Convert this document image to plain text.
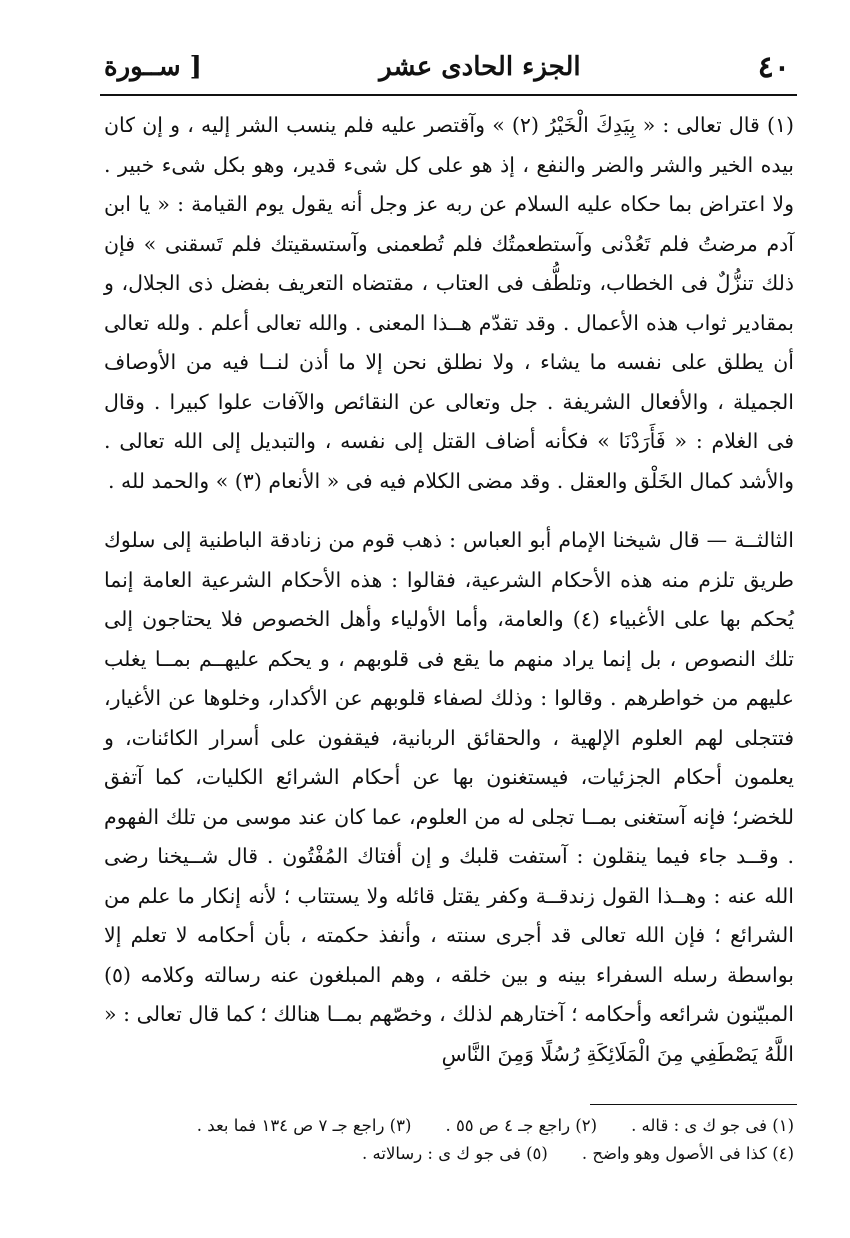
٤٠
الجزء الحادى عشر
[ ســورة

(١) قال تعالى : « بِيَدِكَ الْخَيْرُ (٢) » وآقتصر عليه فلم ينسب الشر إليه ، و إن كان بيده الخير والشر والضر والنفع ، إذ هو على كل شىء قدير، وهو بكل شىء خبير . ولا اعتراض بما حكاه عليه السلام عن ربه عز وجل أنه يقول يوم القيامة : « يا ابن آدم مرضتُ فلم تَعُدْنى وآستطعمتُك فلم تُطعمنى وآستسقيتك فلم تَسقنى » فإن ذلك تنزُّلٌ فى الخطاب، وتلطُّف فى العتاب ، مقتضاه التعريف بفضل ذى الجلال، و بمقادير ثواب هذه الأعمال . وقد تقدّم هــذا المعنى . والله تعالى أعلم . ولله تعالى أن يطلق على نفسه ما يشاء ، ولا نطلق نحن إلا ما أذن لنــا فيه من الأوصاف الجميلة ، والأفعال الشريفة . جل وتعالى عن النقائص والآفات علوا كبيرا . وقال فى الغلام : « فَأَرَدْنَا » فكأنه أضاف القتل إلى نفسه ، والتبديل إلى الله تعالى . والأشد كمال الخَلْق والعقل . وقد مضى الكلام فيه فى « الأنعام (٣) » والحمد لله .

الثالثــة — قال شيخنا الإمام أبو العباس : ذهب قوم من زنادقة الباطنية إلى سلوك طريق تلزم منه هذه الأحكام الشرعية، فقالوا : هذه الأحكام الشرعية العامة إنما يُحكم بها على الأغبياء (٤) والعامة، وأما الأولياء وأهل الخصوص فلا يحتاجون إلى تلك النصوص ، بل إنما يراد منهم ما يقع فى قلوبهم ، و يحكم عليهــم بمــا يغلب عليهم من خواطرهم . وقالوا : وذلك لصفاء قلوبهم عن الأكدار، وخلوها عن الأغيار، فتتجلى لهم العلوم الإلهية ، والحقائق الربانية، فيقفون على أسرار الكائنات، و يعلمون أحكام الجزئيات، فيستغنون بها عن أحكام الشرائع الكليات، كما آتفق للخضر؛ فإنه آستغنى بمــا تجلى له من العلوم، عما كان عند موسى من تلك الفهوم . وقــد جاء فيما ينقلون : آستفت قلبك و إن أفتاك المُفْتُون . قال شــيخنا رضى الله عنه : وهــذا القول زندقــة وكفر يقتل قائله ولا يستتاب ؛ لأنه إنكار ما علم من الشرائع ؛ فإن الله تعالى قد أجرى سنته ، وأنفذ حكمته ، بأن أحكامه لا تعلم إلا بواسطة رسله السفراء بينه و بين خلقه ، وهم المبلغون عنه رسالته وكلامه (٥) المبيّنون شرائعه وأحكامه ؛ آختارهم لذلك ، وخصّهم بمــا هنالك ؛ كما قال تعالى : « اللَّهُ يَصْطَفِي مِنَ الْمَلَائِكَةِ رُسُلًا وَمِنَ النَّاسِ

(١) فى جو ك ى : قاله .
(٢) راجع جـ ٤ ص ٥٥ .
(٣) راجع جـ ٧ ص ١٣٤ فما بعد .
(٤) كذا فى الأصول وهو واضح .
(٥) فى جو ك ى : رسالاته .
